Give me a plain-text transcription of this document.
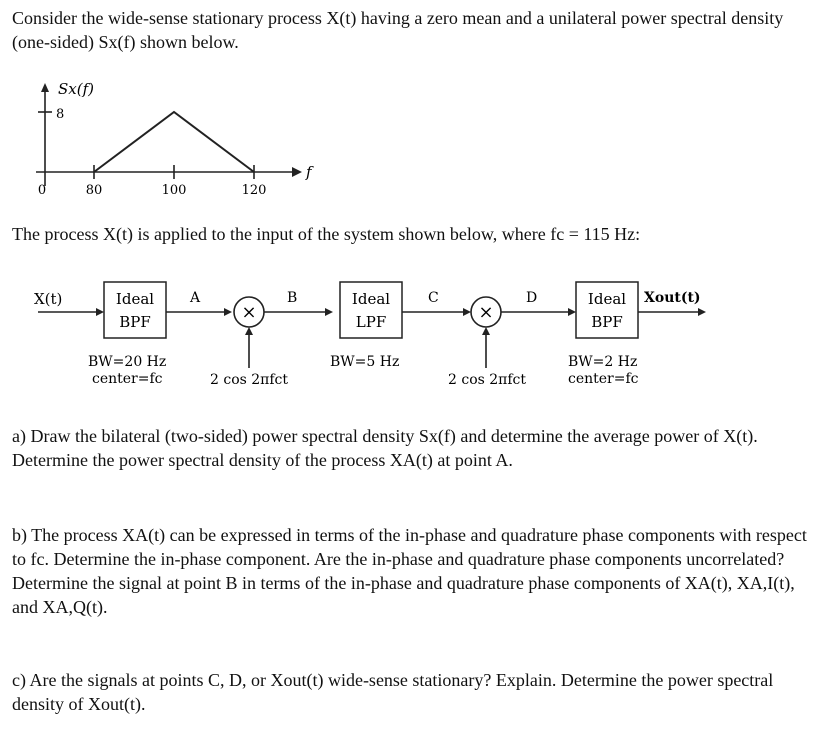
Consider the wide-sense stationary process X(t) having a zero mean and a unilateral power spectral density (one-sided) Sx(f) shown below.

Sx(f)
8
f
0	80	100	120

The process X(t) is applied to the input of the system shown below, where fc = 115 Hz:

X(t)	Ideal
BPF
BW=20 Hz
center=fc
A
×
2 cos 2πfct
B	Ideal
LPF
BW=5 Hz
C
×
2 cos 2πfct
D	Ideal
BPF
BW=2 Hz
center=fc
Xout(t)

a) Draw the bilateral (two-sided) power spectral density Sx(f) and determine the average power of X(t). Determine the power spectral density of the process XA(t) at point A.

b) The process XA(t) can be expressed in terms of the in-phase and quadrature phase components with respect to fc. Determine the in-phase component. Are the in-phase and quadrature phase components uncorrelated? Determine the signal at point B in terms of the in-phase and quadrature phase components of XA(t), XA,I(t), and XA,Q(t).

c) Are the signals at points C, D, or Xout(t) wide-sense stationary? Explain. Determine the power spectral density of Xout(t).
